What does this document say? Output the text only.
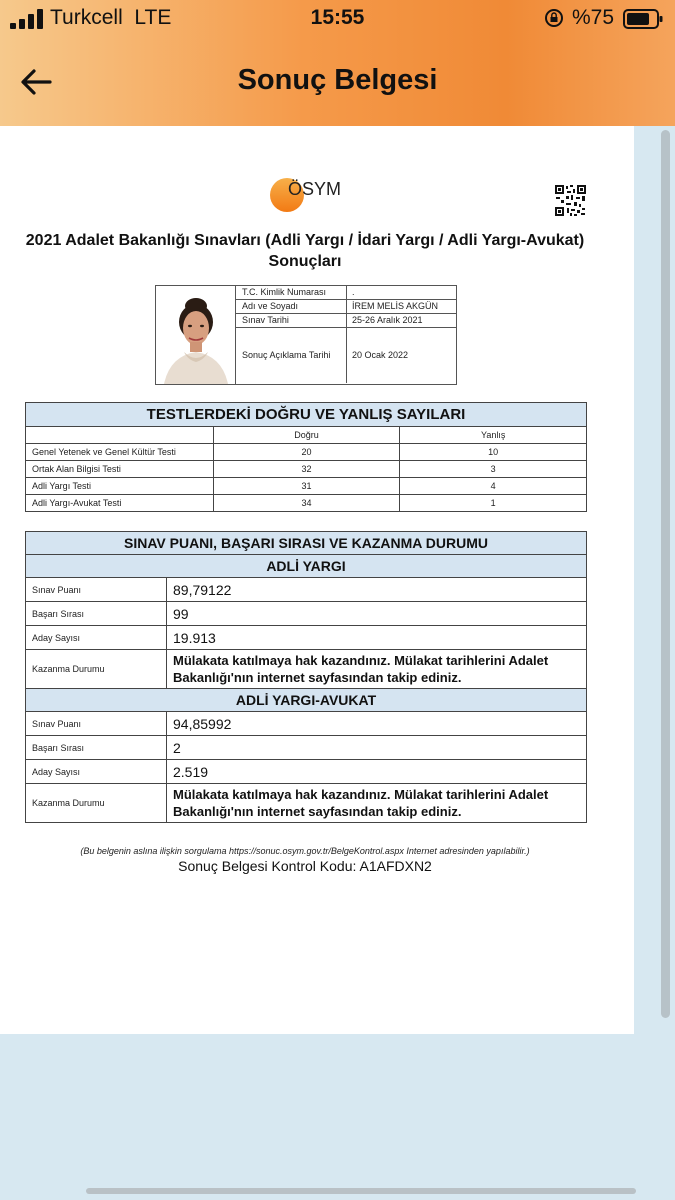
Turkcell LTE	15:55	%75
Sonuç Belgesi
ÖSYM
2021 Adalet Bakanlığı Sınavları (Adli Yargı / İdari Yargı / Adli Yargı-Avukat) Sonuçları
T.C. Kimlik Numarası	.
Adı ve Soyadı	İREM MELİS AKGÜN
Sınav Tarihi	25-26 Aralık 2021
Sonuç Açıklama Tarihi 20 Ocak 2022
TESTLERDEKİ DOĞRU VE YANLIŞ SAYILARI		
	Doğru	Yanlış
Genel Yetenek ve Genel Kültür Testi	20	10
Ortak Alan Bilgisi Testi	32	3
Adli Yargı Testi	31	4
Adli Yargı-Avukat Testi	34	1
SINAV PUANI, BAŞARI SIRASI VE KAZANMA DURUMU	
ADLİ YARGI	
Sınav Puanı	89,79122
Başarı Sırası	99
Aday Sayısı	19.913
Kazanma Durumu	Mülakata katılmaya hak kazandınız. Mülakat tarihlerini Adalet Bakanlığı'nın internet sayfasından takip ediniz.
ADLİ YARGI-AVUKAT	
Sınav Puanı	94,85992
Başarı Sırası	2
Aday Sayısı	2.519
Kazanma Durumu	Mülakata katılmaya hak kazandınız. Mülakat tarihlerini Adalet Bakanlığı'nın internet sayfasından takip ediniz.
(Bu belgenin aslına ilişkin sorgulama https://sonuc.osym.gov.tr/BelgeKontrol.aspx Internet adresinden yapılabilir.)
Sonuç Belgesi Kontrol Kodu: A1AFDXN2
